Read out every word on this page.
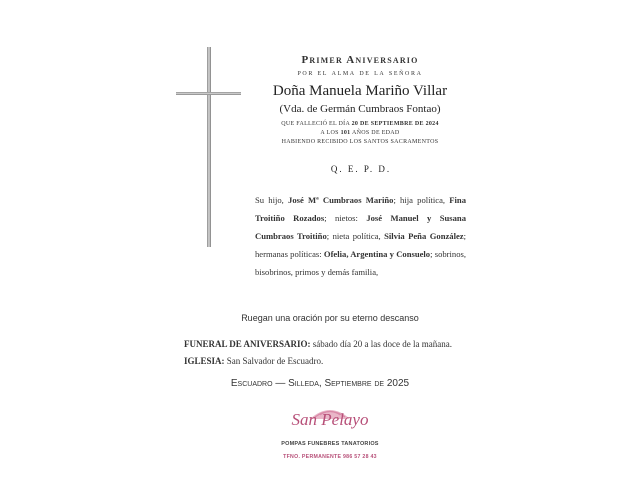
Primer Aniversario
por el alma de la señora
Doña Manuela Mariño Villar
(Vda. de Germán Cumbraos Fontao)
QUE FALLECIÓ EL DÍA 20 DE SEPTIEMBRE DE 2024
A LOS 101 AÑOS DE EDAD
HABIENDO RECIBIDO LOS SANTOS SACRAMENTOS
Q. E. P. D.
Su hijo, José Mª Cumbraos Mariño; hija política, Fina Troitiño Rozados; nietos: José Manuel y Susana Cumbraos Troitiño; nieta política, Silvia Peña González; hermanas políticas: Ofelia, Argentina y Consuelo; sobrinos, bisobrinos, primos y demás familia,
Ruegan una oración por su eterno descanso
FUNERAL DE ANIVERSARIO: sábado día 20 a las doce de la mañana.
IGLESIA: San Salvador de Escuadro.
Escuadro — Silleda, Septiembre de 2025
San Pelayo
POMPAS FUNEBRES TANATORIOS
TFNO. PERMANENTE 986 57 28 43
